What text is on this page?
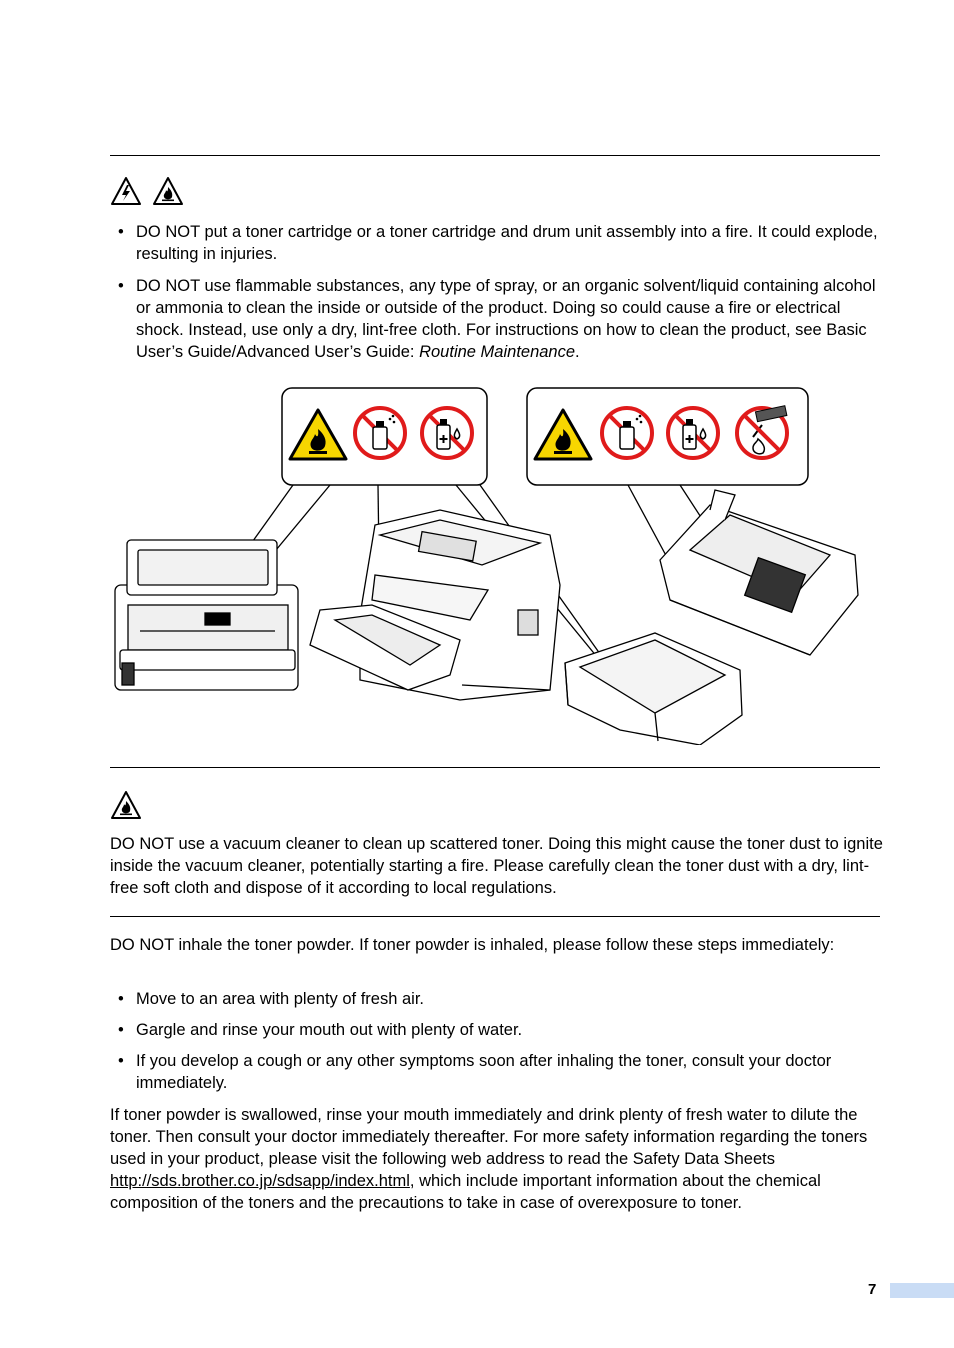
• DO NOT put a toner cartridge or a toner cartridge and drum unit assembly into a fire. It could explode, resulting in injuries.
• DO NOT use flammable substances, any type of spray, or an organic solvent/liquid containing alcohol or ammonia to clean the inside or outside of the product. Doing so could cause a fire or electrical shock. Instead, use only a dry, lint-free cloth. For instructions on how to clean the product, see Basic User’s Guide/Advanced User’s Guide: Routine Maintenance.
DO NOT use a vacuum cleaner to clean up scattered toner. Doing this might cause the toner dust to ignite inside the vacuum cleaner, potentially starting a fire. Please carefully clean the toner dust with a dry, lint-free soft cloth and dispose of it according to local regulations.
DO NOT inhale the toner powder. If toner powder is inhaled, please follow these steps immediately:
• Move to an area with plenty of fresh air.
• Gargle and rinse your mouth out with plenty of water.
• If you develop a cough or any other symptoms soon after inhaling the toner, consult your doctor immediately.
If toner powder is swallowed, rinse your mouth immediately and drink plenty of fresh water to dilute the toner. Then consult your doctor immediately thereafter. For more safety information regarding the toners used in your product, please visit the following web address to read the Safety Data Sheets http://sds.brother.co.jp/sdsapp/index.html, which include important information about the chemical composition of the toners and the precautions to take in case of overexposure to toner.
7
